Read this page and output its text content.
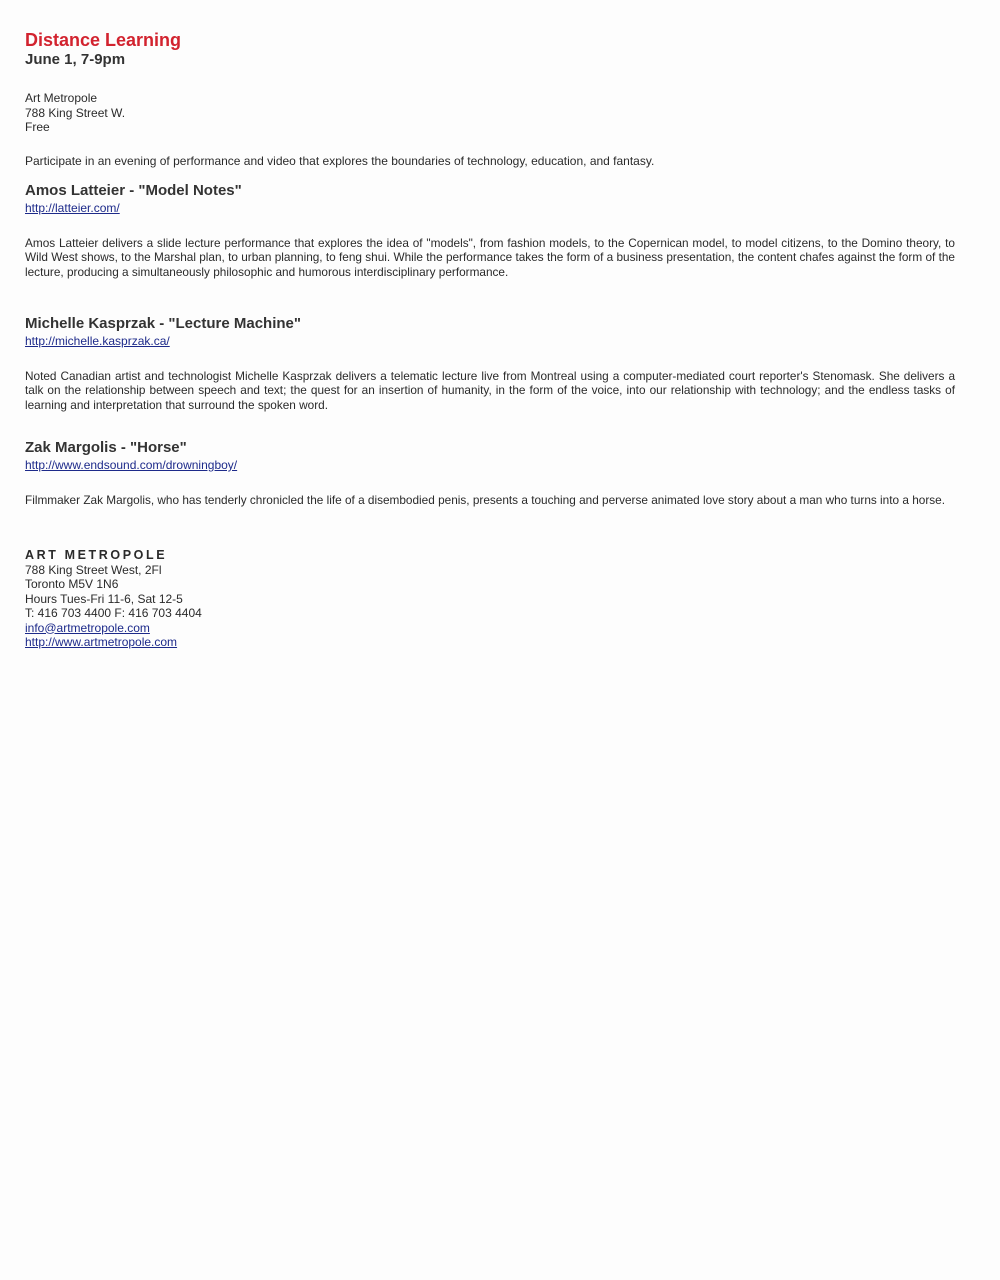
Distance Learning
June 1, 7-9pm
Art Metropole
788 King Street W.
Free
Participate in an evening of performance and video that explores the boundaries of technology, education, and fantasy.
Amos Latteier - "Model Notes"
http://latteier.com/
Amos Latteier delivers a slide lecture performance that explores the idea of "models", from fashion models, to the Copernican model, to model citizens, to the Domino theory, to Wild West shows, to the Marshal plan, to urban planning, to feng shui. While the performance takes the form of a business presentation, the content chafes against the form of the lecture, producing a simultaneously philosophic and humorous interdisciplinary performance.
Michelle Kasprzak - "Lecture Machine"
http://michelle.kasprzak.ca/
Noted Canadian artist and technologist Michelle Kasprzak delivers a telematic lecture live from Montreal using a computer-mediated court reporter's Stenomask. She delivers a talk on the relationship between speech and text; the quest for an insertion of humanity, in the form of the voice, into our relationship with technology; and the endless tasks of learning and interpretation that surround the spoken word.
Zak Margolis - "Horse"
http://www.endsound.com/drowningboy/
Filmmaker Zak Margolis, who has tenderly chronicled the life of a disembodied penis, presents a touching and perverse animated love story about a man who turns into a horse.
ART METROPOLE
788 King Street West, 2Fl
Toronto M5V 1N6
Hours Tues-Fri 11-6, Sat 12-5
T: 416 703 4400 F: 416 703 4404
info@artmetropole.com
http://www.artmetropole.com
